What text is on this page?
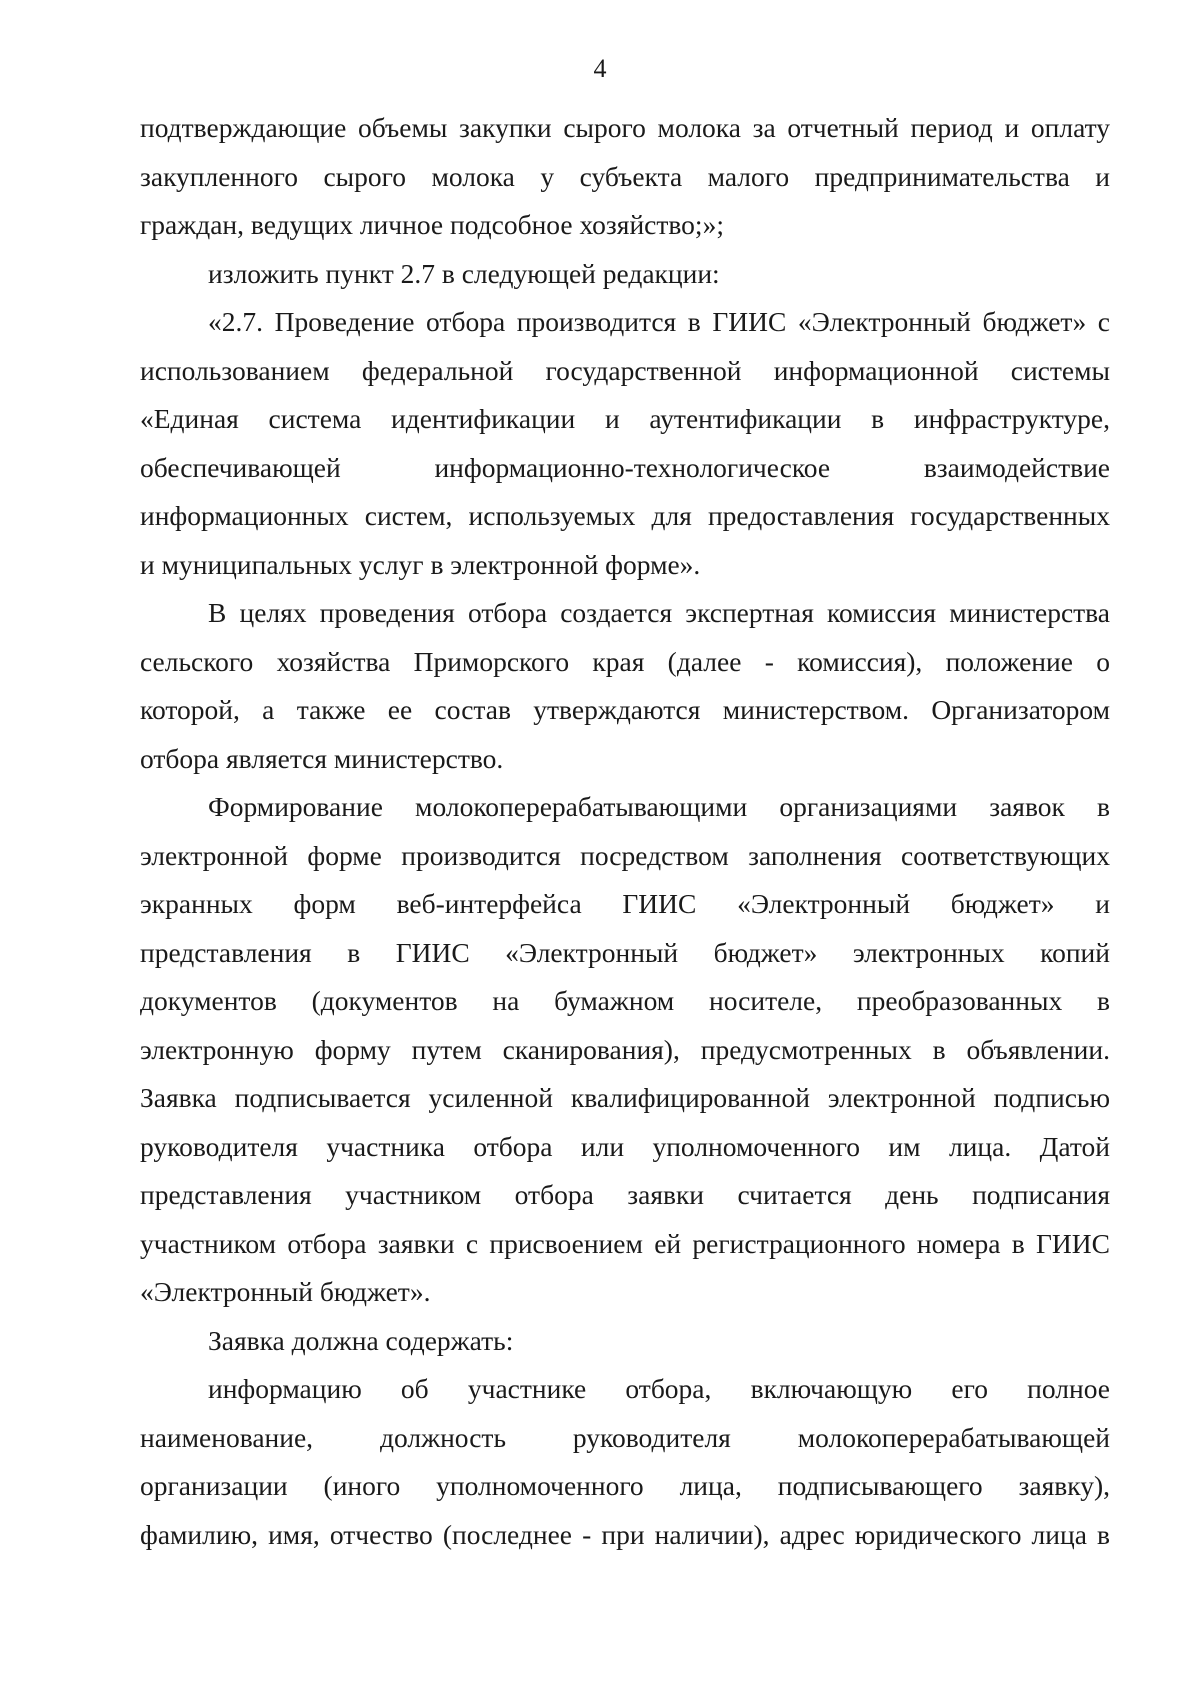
4
подтверждающие объемы закупки сырого молока за отчетный период и оплату
закупленного сырого молока у субъекта малого предпринимательства и
граждан, ведущих личное подсобное хозяйство;»;
изложить пункт 2.7 в следующей редакции:
«2.7. Проведение отбора производится в ГИИС «Электронный бюджет» с
использованием федеральной государственной информационной системы
«Единая система идентификации и аутентификации в инфраструктуре,
обеспечивающей информационно-технологическое взаимодействие
информационных систем, используемых для предоставления государственных
и муниципальных услуг в электронной форме».
В целях проведения отбора создается экспертная комиссия министерства
сельского хозяйства Приморского края (далее - комиссия), положение о
которой, а также ее состав утверждаются министерством. Организатором
отбора является министерство.
Формирование молокоперерабатывающими организациями заявок в
электронной форме производится посредством заполнения соответствующих
экранных форм веб-интерфейса ГИИС «Электронный бюджет» и
представления в ГИИС «Электронный бюджет» электронных копий
документов (документов на бумажном носителе, преобразованных в
электронную форму путем сканирования), предусмотренных в объявлении.
Заявка подписывается усиленной квалифицированной электронной подписью
руководителя участника отбора или уполномоченного им лица. Датой
представления участником отбора заявки считается день подписания
участником отбора заявки с присвоением ей регистрационного номера в ГИИС
«Электронный бюджет».
Заявка должна содержать:
информацию об участнике отбора, включающую его полное
наименование, должность руководителя молокоперерабатывающей
организации (иного уполномоченного лица, подписывающего заявку),
фамилию, имя, отчество (последнее - при наличии), адрес юридического лица в
